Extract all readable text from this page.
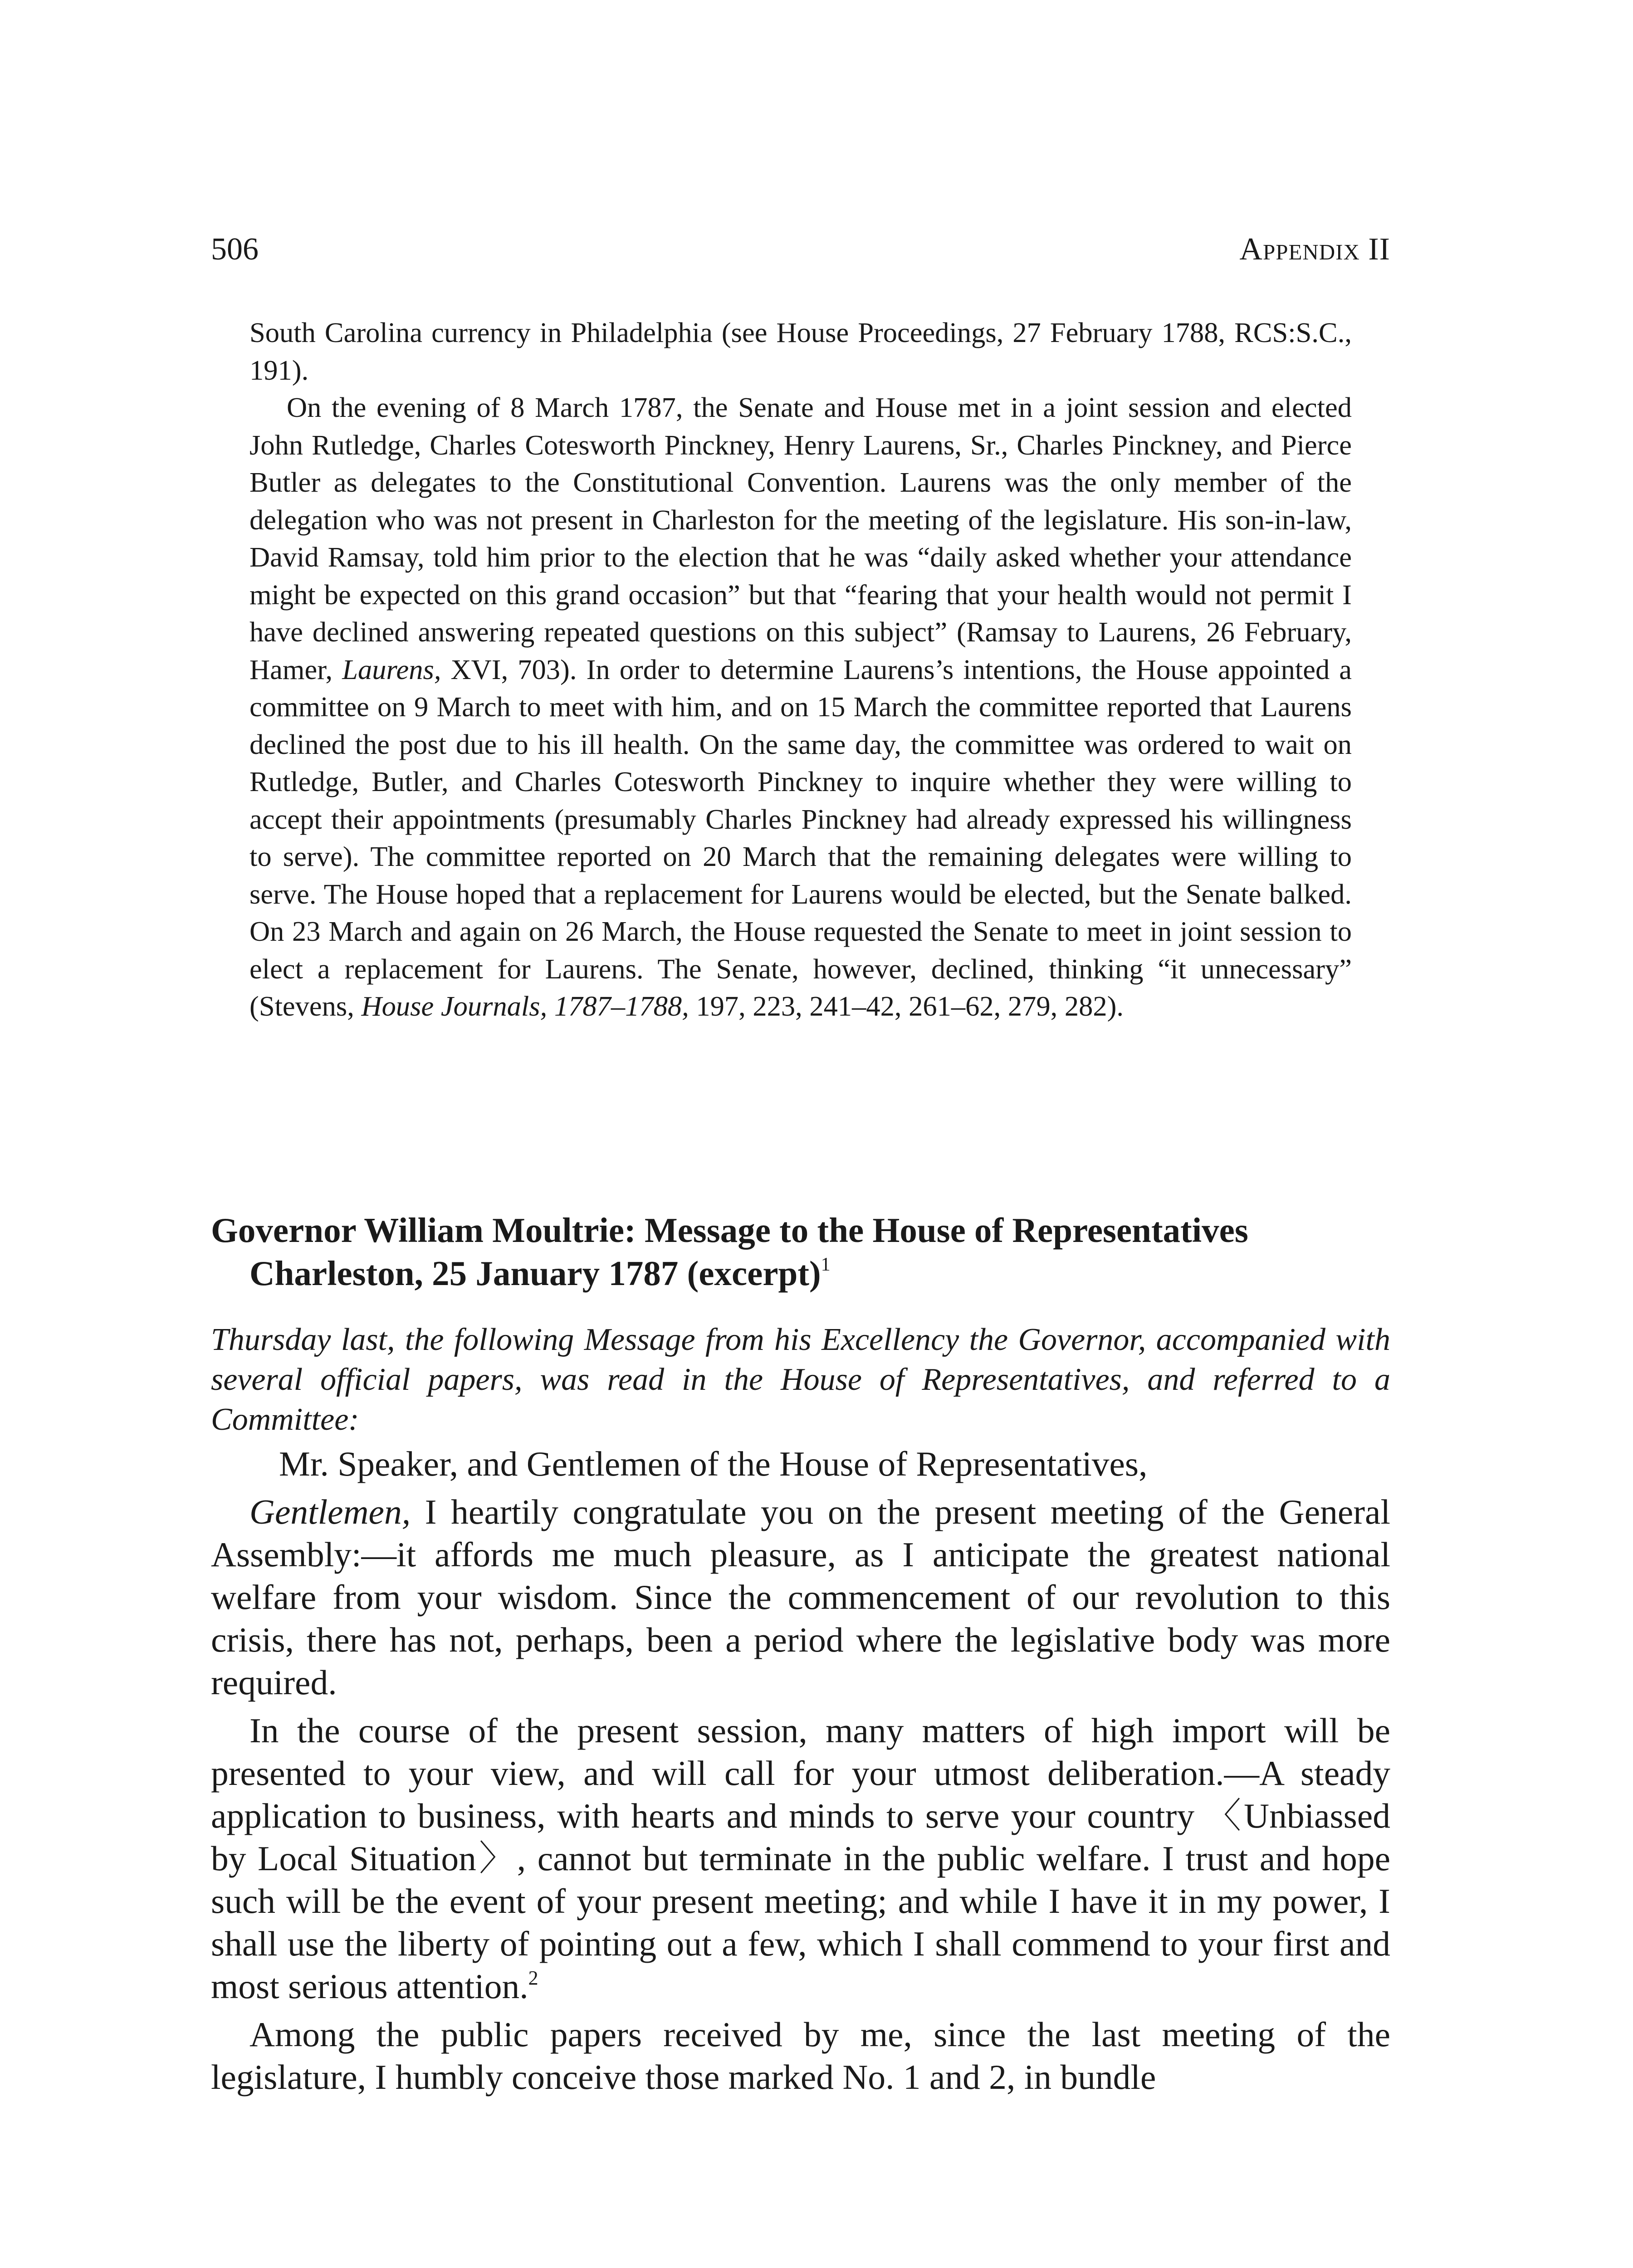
506	Appendix II

South Carolina currency in Philadelphia (see House Proceedings, 27 February 1788, RCS:S.C., 191).

On the evening of 8 March 1787, the Senate and House met in a joint session and elected John Rutledge, Charles Cotesworth Pinckney, Henry Laurens, Sr., Charles Pinckney, and Pierce Butler as delegates to the Constitutional Convention. Laurens was the only member of the delegation who was not present in Charleston for the meeting of the legislature. His son-in-law, David Ramsay, told him prior to the election that he was “daily asked whether your attendance might be expected on this grand occasion” but that “fearing that your health would not permit I have declined answering repeated questions on this subject” (Ramsay to Laurens, 26 February, Hamer, Laurens, XVI, 703). In order to determine Laurens’s intentions, the House appointed a committee on 9 March to meet with him, and on 15 March the committee reported that Laurens declined the post due to his ill health. On the same day, the committee was ordered to wait on Rutledge, Butler, and Charles Cotesworth Pinckney to inquire whether they were willing to accept their appointments (presumably Charles Pinckney had already expressed his willingness to serve). The committee reported on 20 March that the remaining delegates were willing to serve. The House hoped that a replacement for Laurens would be elected, but the Senate balked. On 23 March and again on 26 March, the House requested the Senate to meet in joint session to elect a replacement for Laurens. The Senate, however, declined, thinking “it unnecessary” (Stevens, House Journals, 1787–1788, 197, 223, 241–42, 261–62, 279, 282).

Governor William Moultrie: Message to the House of Representatives
Charleston, 25 January 1787 (excerpt)$^1$
Thursday last, the following Message from his Excellency the Governor, accompanied with several official papers, was read in the House of Representatives, and referred to a Committee:

Mr. Speaker, and Gentlemen of the House of Representatives,

Gentlemen, I heartily congratulate you on the present meeting of the General Assembly:—it affords me much pleasure, as I anticipate the greatest national welfare from your wisdom. Since the commencement of our revolution to this crisis, there has not, perhaps, been a period where the legislative body was more required.

In the course of the present session, many matters of high import will be presented to your view, and will call for your utmost deliberation.—A steady application to business, with hearts and minds to serve your country 〈Unbiassed by Local Situation〉, cannot but terminate in the public welfare. I trust and hope such will be the event of your present meeting; and while I have it in my power, I shall use the liberty of pointing out a few, which I shall commend to your first and most serious attention.$^2$

Among the public papers received by me, since the last meeting of the legislature, I humbly conceive those marked No. 1 and 2, in bundle
